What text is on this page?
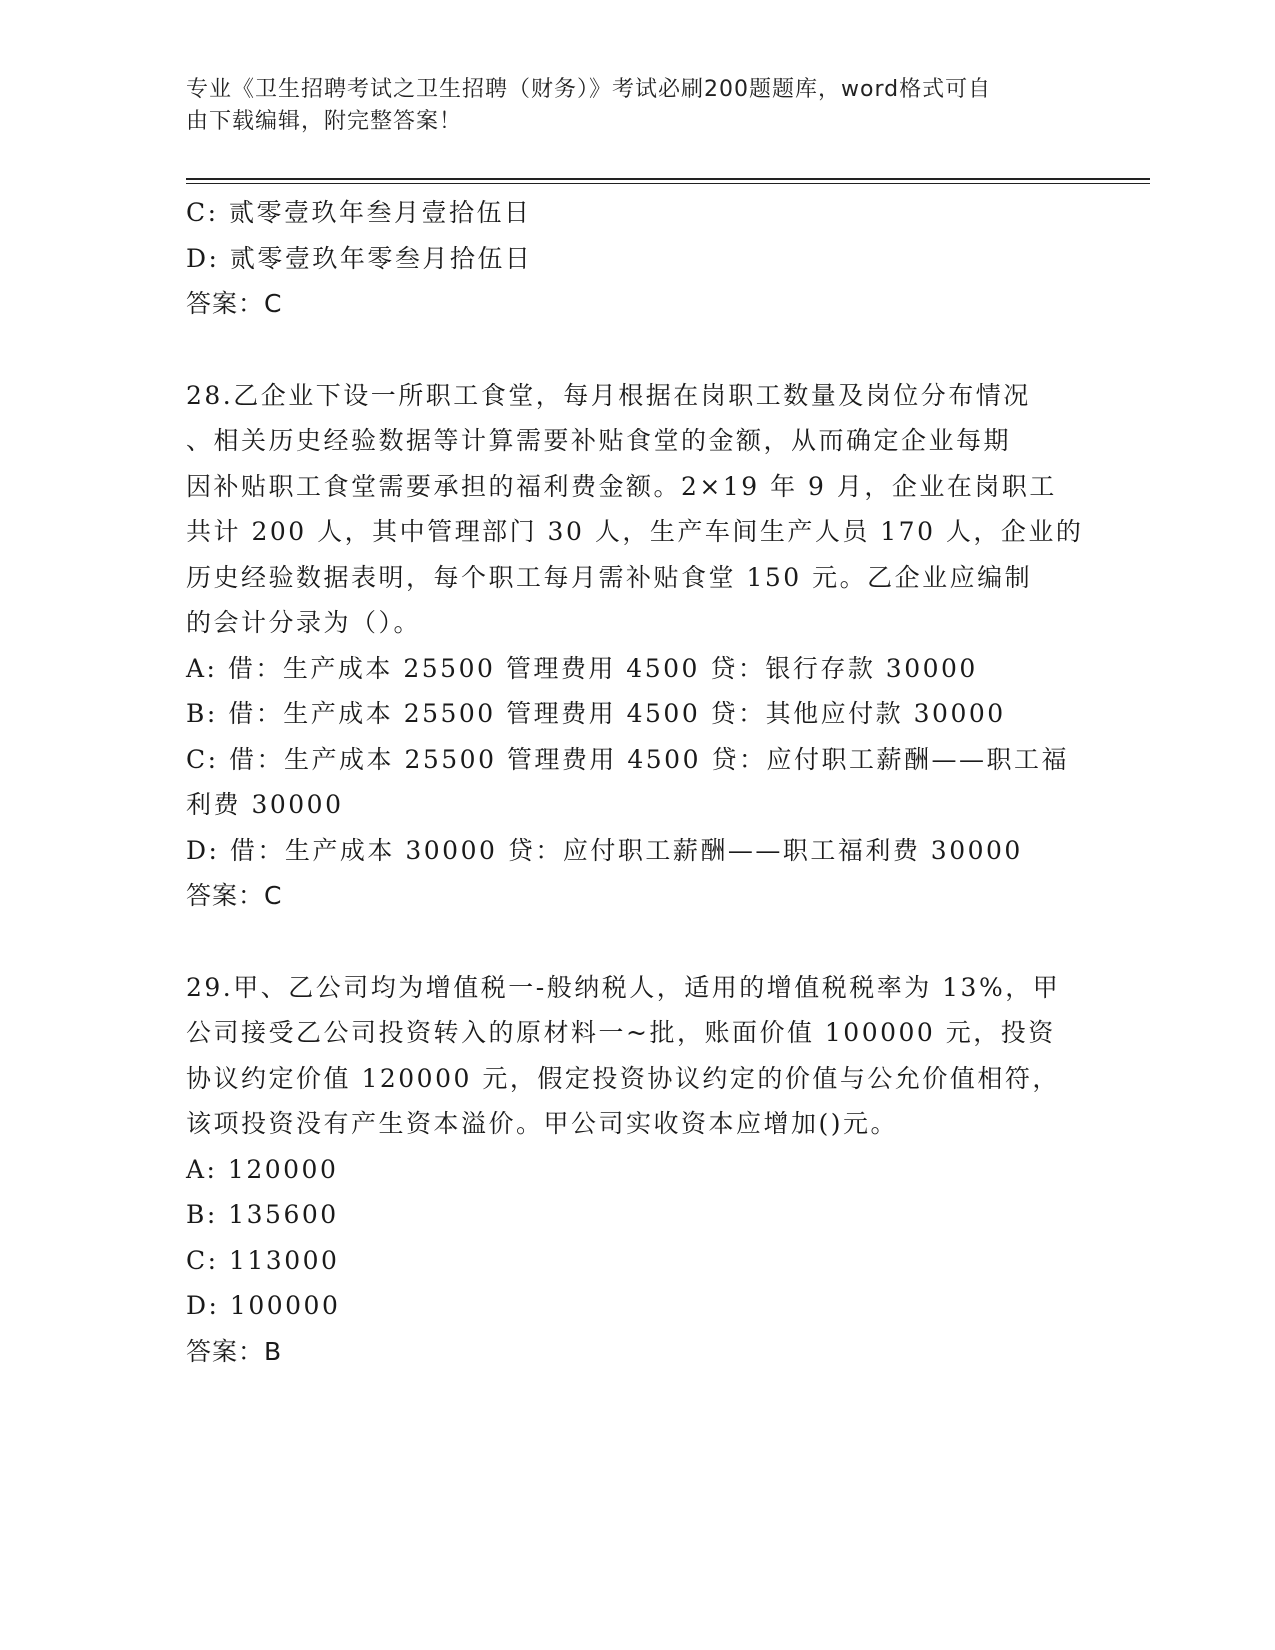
专业《卫生招聘考试之卫生招聘（财务）》考试必刷200题题库，word格式可自
由下载编辑，附完整答案！
C: 贰零壹玖年叁月壹拾伍日
D: 贰零壹玖年零叁月拾伍日
答案：C
28.乙企业下设一所职工食堂，每月根据在岗职工数量及岗位分布情况
、相关历史经验数据等计算需要补贴食堂的金额，从而确定企业每期
因补贴职工食堂需要承担的福利费金额。2×19 年 9 月，企业在岗职工
共计 200 人，其中管理部门 30 人，生产车间生产人员 170 人，企业的
历史经验数据表明，每个职工每月需补贴食堂 150 元。乙企业应编制
的会计分录为（）。
A: 借：生产成本 25500 管理费用 4500 贷：银行存款 30000
B: 借：生产成本 25500 管理费用 4500 贷：其他应付款 30000
C: 借：生产成本 25500 管理费用 4500 贷：应付职工薪酬——职工福
利费 30000
D: 借：生产成本 30000 贷：应付职工薪酬——职工福利费 30000
答案：C
29.甲、乙公司均为增值税一-般纳税人，适用的增值税税率为 13%，甲
公司接受乙公司投资转入的原材料一~批，账面价值 100000 元，投资
协议约定价值 120000 元，假定投资协议约定的价值与公允价值相符，
该项投资没有产生资本溢价。甲公司实收资本应增加()元。
A: 120000
B: 135600
C: 113000
D: 100000
答案：B
